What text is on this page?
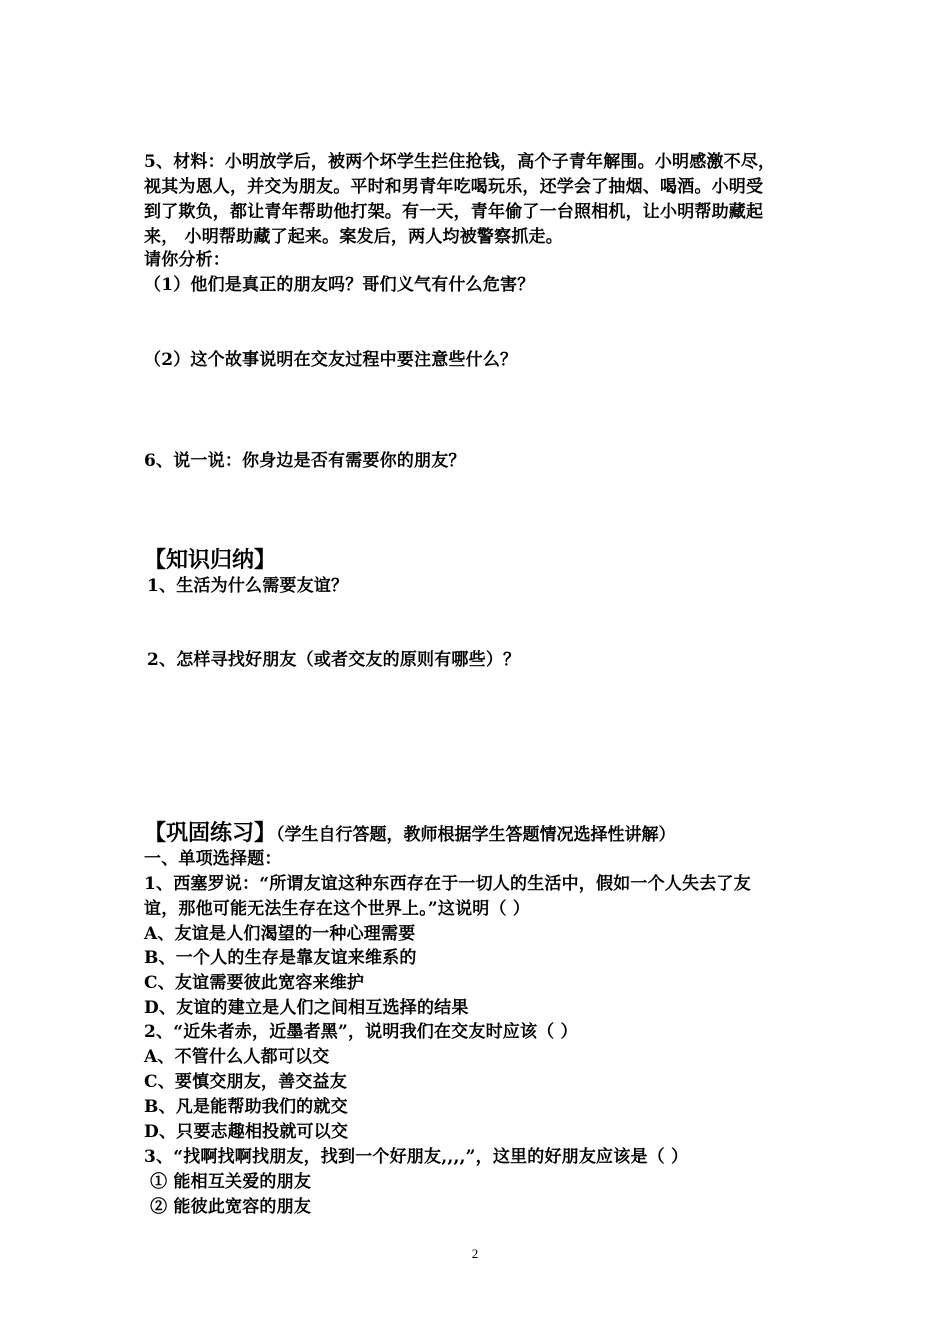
5、材料：小明放学后，被两个坏学生拦住抢钱，高个子青年解围。小明感激不尽，
视其为恩人，并交为朋友。平时和男青年吃喝玩乐，还学会了抽烟、喝酒。小明受
到了欺负，都让青年帮助他打架。有一天，青年偷了一台照相机，让小明帮助藏起
来， 小明帮助藏了起来。案发后，两人均被警察抓走。
请你分析：
（1）他们是真正的朋友吗？哥们义气有什么危害？
（2）这个故事说明在交友过程中要注意些什么？
6、说一说：你身边是否有需要你的朋友？
【知识归纳】
1、生活为什么需要友谊？
2、怎样寻找好朋友（或者交友的原则有哪些）？
【巩固练习】（学生自行答题，教师根据学生答题情况选择性讲解）
一、单项选择题：
1、西塞罗说：“所谓友谊这种东西存在于一切人的生活中，假如一个人失去了友
谊，那他可能无法生存在这个世界上。”这说明（ ）
A、友谊是人们渴望的一种心理需要
B、一个人的生存是靠友谊来维系的
C、友谊需要彼此宽容来维护
D、友谊的建立是人们之间相互选择的结果
2、“近朱者赤，近墨者黑”，说明我们在交友时应该（ ）
A、不管什么人都可以交
C、要慎交朋友，善交益友
B、凡是能帮助我们的就交
D、只要志趣相投就可以交
3、“找啊找啊找朋友，找到一个好朋友,,,,”，这里的好朋友应该是（ ）
① 能相互关爱的朋友
② 能彼此宽容的朋友
2
